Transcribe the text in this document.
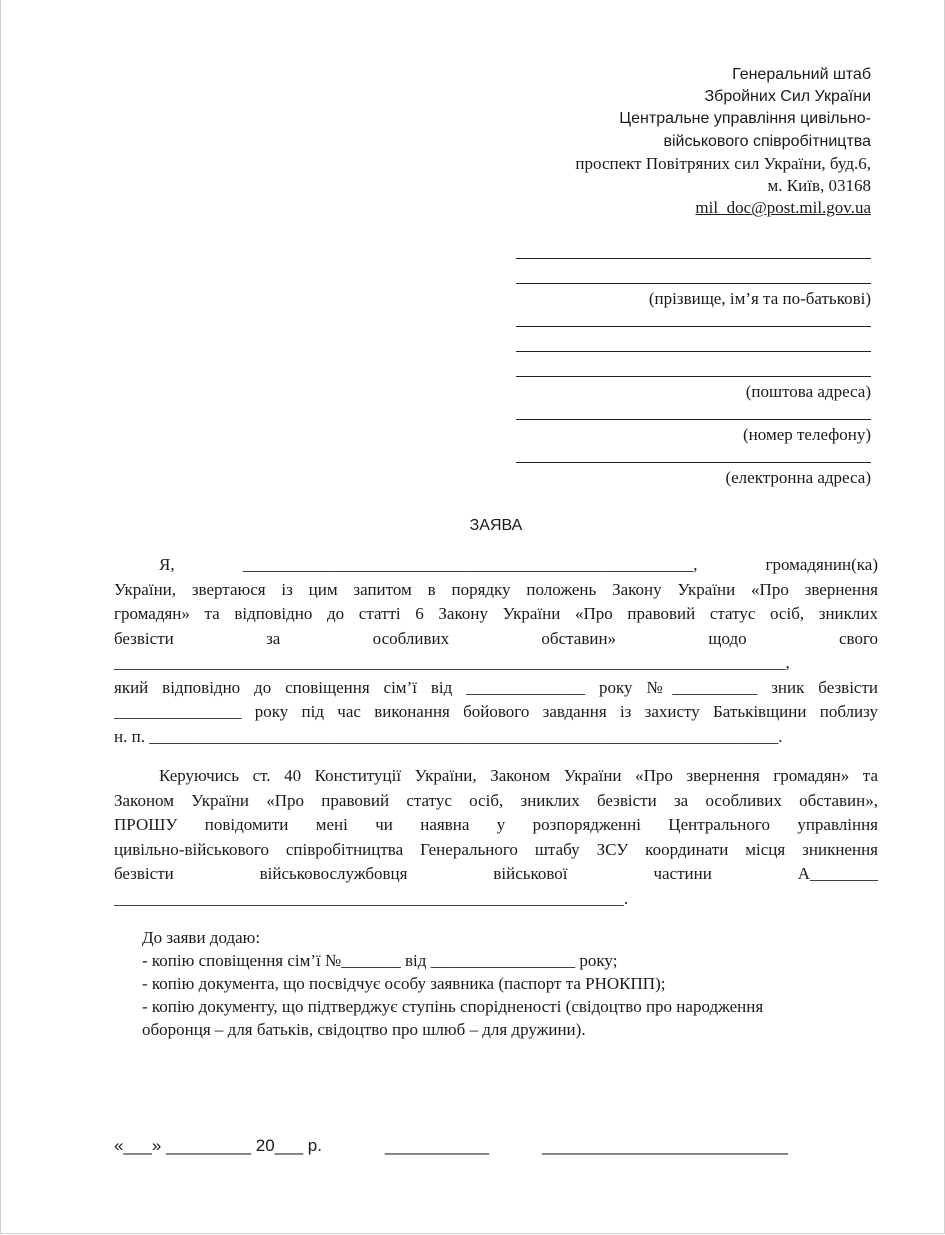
Генеральний штаб
Збройних Сил України
Центральне управління цивільно-
військового співробітництва
проспект Повітряних сил України, буд.6,
м. Київ, 03168
mil_doc@post.mil.gov.ua
(прізвище, ім’я та по-батькові)
(поштова адреса)
(номер телефону)
(електронна адреса)
ЗАЯВА
Я,	_____________________________________________________,	громадянин(ка)
України, звертаюся із цим запитом в порядку положень Закону України «Про звернення
громадян» та відповідно до статті 6 Закону України «Про правовий статус осіб, зниклих
безвісти за особливих обставин» щодо свого
_______________________________________________________________________________,
який відповідно до сповіщення сім’ї від ______________ року №__________ зник безвісти
_______________ року під час виконання бойового завдання із захисту Батьківщини поблизу
н. п. __________________________________________________________________________.
Керуючись ст. 40 Конституції України, Законом України «Про звернення громадян» та
Законом України «Про правовий статус осіб, зниклих безвісти за особливих обставин»,
ПРОШУ повідомити мені чи наявна у розпорядженні Центрального управління
цивільно-військового співробітництва Генерального штабу ЗСУ координати місця зникнення
безвісти військовослужбовця військової частини А________
____________________________________________________________.
До заяви додаю:
- копію сповіщення сім’ї №_______ від _________________ року;
- копію документа, що посвідчує особу заявника (паспорт та РНОКПП);
- копію документу, що підтверджує ступінь спорідненості (свідоцтво про народження
оборонця – для батьків, свідоцтво про шлюб – для дружини).
«___» _________ 20___ р.	___________	__________________________
